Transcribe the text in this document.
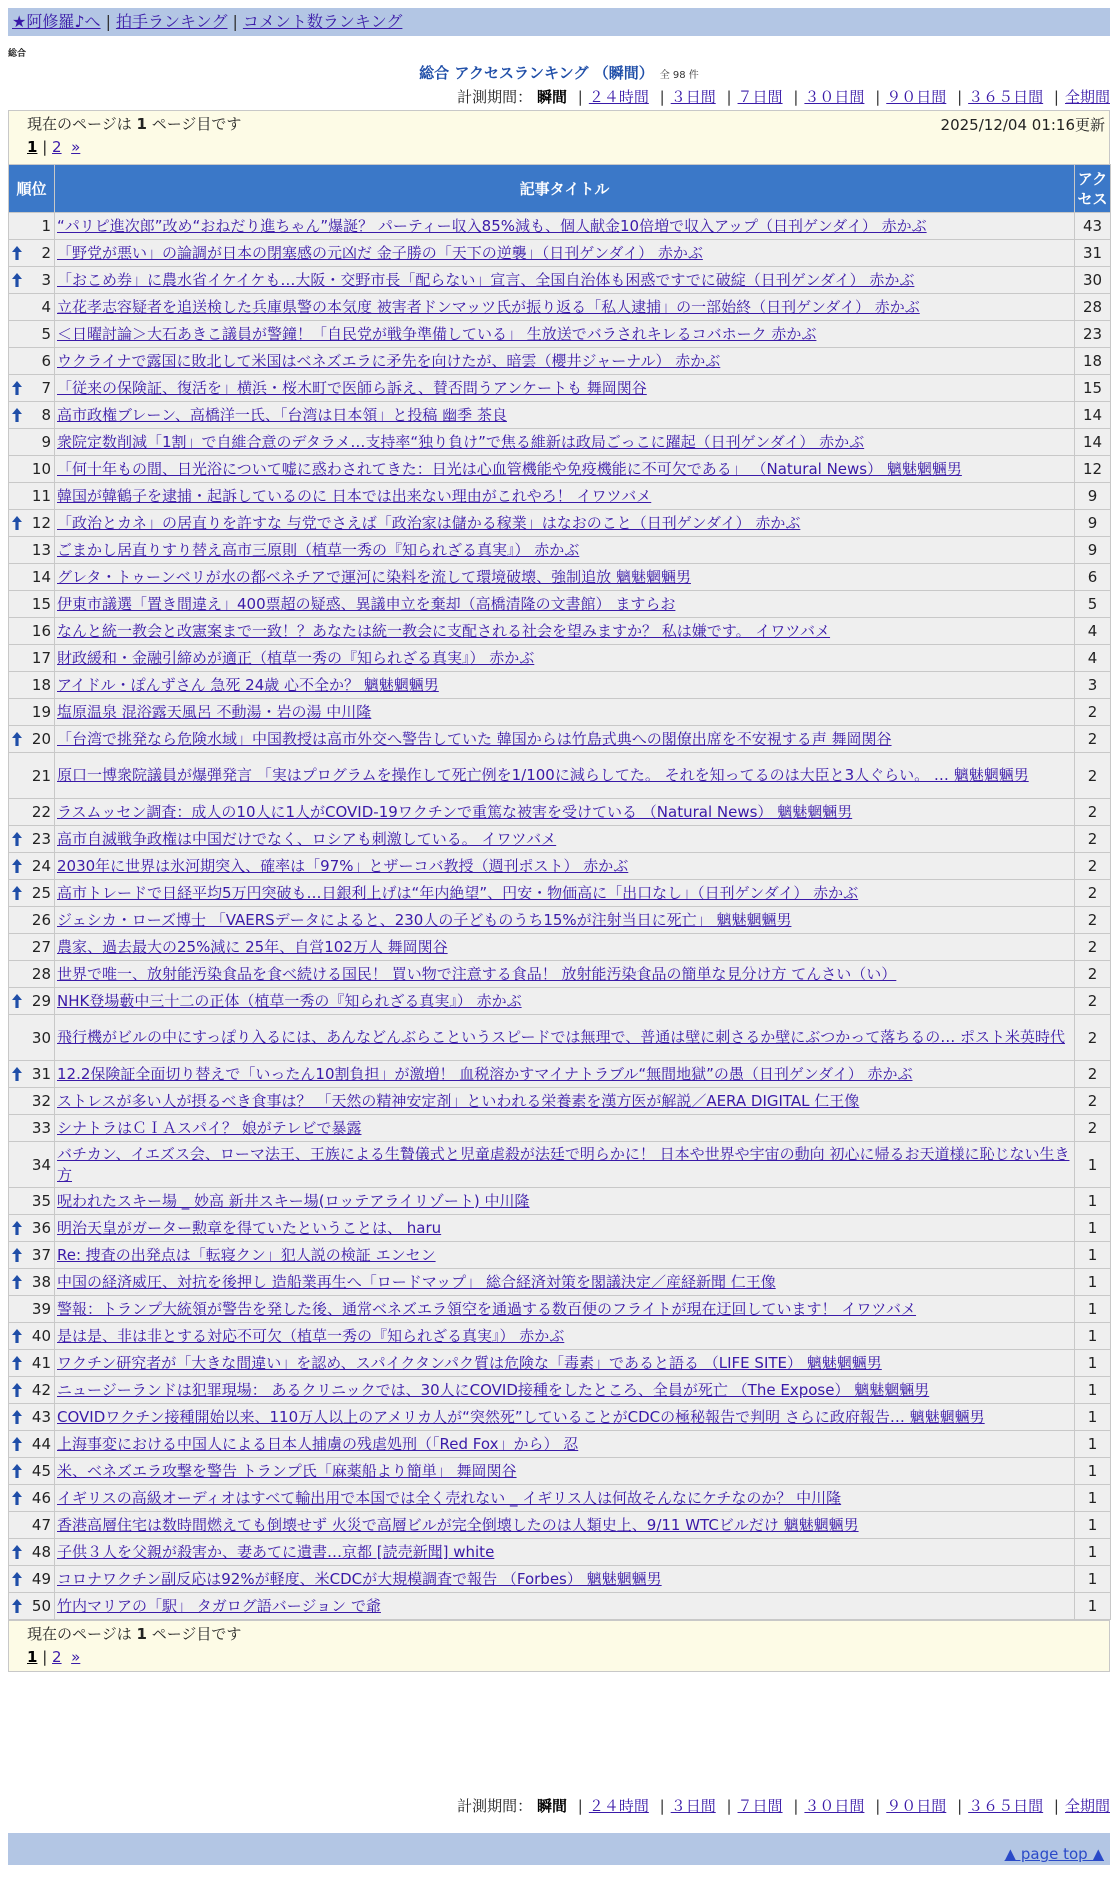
★阿修羅♪へ | 拍手ランキング | コメント数ランキング
総合
総合 アクセスランキング （瞬間） 全 98 件
計測期間： 瞬間 | ２４時間 | ３日間 | ７日間 | ３０日間 | ９０日間 | ３６５日間 | 全期間
現在のページは 1 ページ目です	2025/12/04 01:16更新
1 | 2 »
順位	記事タイトル	アクセス
1	“パリピ進次郎”改め“おねだり進ちゃん”爆誕？ パーティー収入85%減も、個人献金10倍増で収入アップ（日刊ゲンダイ） 赤かぶ	43

2	「野党が悪い」の論調が日本の閉塞感の元凶だ 金子勝の「天下の逆襲」（日刊ゲンダイ） 赤かぶ	31

3	「おこめ券」に農水省イケイケも…大阪・交野市長「配らない」宣言、全国自治体も困惑ですでに破綻（日刊ゲンダイ） 赤かぶ	30
4	立花孝志容疑者を追送検した兵庫県警の本気度 被害者ドンマッツ氏が振り返る「私人逮捕」の一部始終（日刊ゲンダイ） 赤かぶ	28
5	＜日曜討論＞大石あきこ議員が警鐘！「自民党が戦争準備している」 生放送でバラされキレるコバホーク 赤かぶ	23
6	ウクライナで露国に敗北して米国はベネズエラに矛先を向けたが、暗雲（櫻井ジャーナル） 赤かぶ	18

7	「従来の保険証、復活を」横浜・桜木町で医師ら訴え、賛否問うアンケートも 舞岡関谷	15

8	高市政権ブレーン、高橋洋一氏、「台湾は日本領」と投稿 幽季 茶良	14
9	衆院定数削減「1割」で自維合意のデタラメ…支持率“独り負け”で焦る維新は政局ごっこに躍起（日刊ゲンダイ） 赤かぶ	14
10	「何十年もの間、日光浴について嘘に惑わされてきた：日光は心血管機能や免疫機能に不可欠である」 （Natural News） 魑魅魍魎男	12
11	韓国が韓鶴子を逮捕・起訴しているのに 日本では出来ない理由がこれやろ！ イワツバメ	9

12	「政治とカネ」の居直りを許すな 与党でさえば「政治家は儲かる稼業」はなおのこと（日刊ゲンダイ） 赤かぶ	9
13	ごまかし居直りすり替え高市三原則（植草一秀の『知られざる真実』） 赤かぶ	9
14	グレタ・トゥーンベリが水の都ベネチアで運河に染料を流して環境破壊、強制追放 魑魅魍魎男	6
15	伊東市議選「置き間違え」400票超の疑惑、異議申立を棄却（高橋清隆の文書館） ますらお	5
16	なんと統一教会と改憲案まで一致！？あなたは統一教会に支配される社会を望みますか？ 私は嫌です。 イワツバメ	4
17	財政緩和・金融引締めが適正（植草一秀の『知られざる真実』） 赤かぶ	4
18	アイドル・ぽんずさん 急死 24歳 心不全か？ 魑魅魍魎男	3
19	塩原温泉 混浴露天風呂 不動湯・岩の湯 中川隆	2

20	「台湾で挑発なら危険水域」中国教授は高市外交へ警告していた 韓国からは竹島式典への閣僚出席を不安視する声 舞岡関谷	2
21	原口一博衆院議員が爆弾発言 「実はプログラムを操作して死亡例を1/100に減らしてた。 それを知ってるのは大臣と3人ぐらい。 … 魑魅魍魎男	2
22	ラスムッセン調査：成人の10人に1人がCOVID-19ワクチンで重篤な被害を受けている （Natural News） 魑魅魍魎男	2

23	高市自滅戦争政権は中国だけでなく、ロシアも刺激している。 イワツバメ	2

24	2030年に世界は氷河期突入、確率は「97%」とザーコバ教授（週刊ポスト） 赤かぶ	2

25	高市トレードで日経平均5万円突破も…日銀利上げは“年内絶望”、円安・物価高に「出口なし」（日刊ゲンダイ） 赤かぶ	2
26	ジェシカ・ローズ博士 「VAERSデータによると、230人の子どものうち15%が注射当日に死亡」 魑魅魍魎男	2
27	農家、過去最大の25%減に 25年、自営102万人 舞岡関谷	2
28	世界で唯一、放射能汚染食品を食べ続ける国民！ 買い物で注意する食品！ 放射能汚染食品の簡単な見分け方 てんさい（い）	2

29	NHK登場藪中三十二の正体（植草一秀の『知られざる真実』） 赤かぶ	2
30	飛行機がビルの中にすっぽり入るには、あんなどんぶらこというスピードでは無理で、普通は壁に刺さるか壁にぶつかって落ちるの… ポスト米英時代	2

31	12.2保険証全面切り替えで「いったん10割負担」が激増！ 血税溶かすマイナトラブル“無間地獄”の愚（日刊ゲンダイ） 赤かぶ	2
32	ストレスが多い人が摂るべき食事は？ 「天然の精神安定剤」といわれる栄養素を漢方医が解説／AERA DIGITAL 仁王像	2
33	シナトラはＣＩＡスパイ？ 娘がテレビで暴露	2
34	バチカン、イエズス会、ローマ法王、王族による生贄儀式と児童虐殺が法廷で明らかに！ 日本や世界や宇宙の動向 初心に帰るお天道様に恥じない生き方	1
35	呪われたスキー場 _ 妙高 新井スキー場(ロッテアライリゾート) 中川隆	1

36	明治天皇がガーター勲章を得ていたということは、 haru	1

37	Re: 捜査の出発点は「転寝クン」犯人説の検証 エンセン	1

38	中国の経済威圧、対抗を後押し 造船業再生へ「ロードマップ」 総合経済対策を閣議決定／産経新聞 仁王像	1
39	警報：トランプ大統領が警告を発した後、通常ベネズエラ領空を通過する数百便のフライトが現在迂回しています！ イワツバメ	1

40	是は是、非は非とする対応不可欠（植草一秀の『知られざる真実』） 赤かぶ	1

41	ワクチン研究者が「大きな間違い」を認め、スパイクタンパク質は危険な「毒素」であると語る （LIFE SITE） 魑魅魍魎男	1

42	ニュージーランドは犯罪現場： あるクリニックでは、30人にCOVID接種をしたところ、全員が死亡 （The Expose） 魑魅魍魎男	1

43	COVIDワクチン接種開始以来、110万人以上のアメリカ人が“突然死”していることがCDCの極秘報告で判明 さらに政府報告… 魑魅魍魎男	1

44	上海事変における中国人による日本人捕虜の残虐処刑（「Red Fox」から） 忍	1

45	米、ベネズエラ攻撃を警告 トランプ氏「麻薬船より簡単」 舞岡関谷	1

46	イギリスの高級オーディオはすべて輸出用で本国では全く売れない _ イギリス人は何故そんなにケチなのか？ 中川隆	1
47	香港高層住宅は数時間燃えても倒壊せず 火災で高層ビルが完全倒壊したのは人類史上、9/11 WTCビルだけ 魑魅魍魎男	1

48	子供３人を父親が殺害か、妻あてに遺書…京都 [読売新聞] white	1

49	コロナワクチン副反応は92%が軽度、米CDCが大規模調査で報告 （Forbes） 魑魅魍魎男	1

50	竹内マリアの「駅」 タガログ語バージョン で爺	1
現在のページは 1 ページ目です
1 | 2 »
計測期間： 瞬間 | ２４時間 | ３日間 | ７日間 | ３０日間 | ９０日間 | ３６５日間 | 全期間
▲ page top ▲
